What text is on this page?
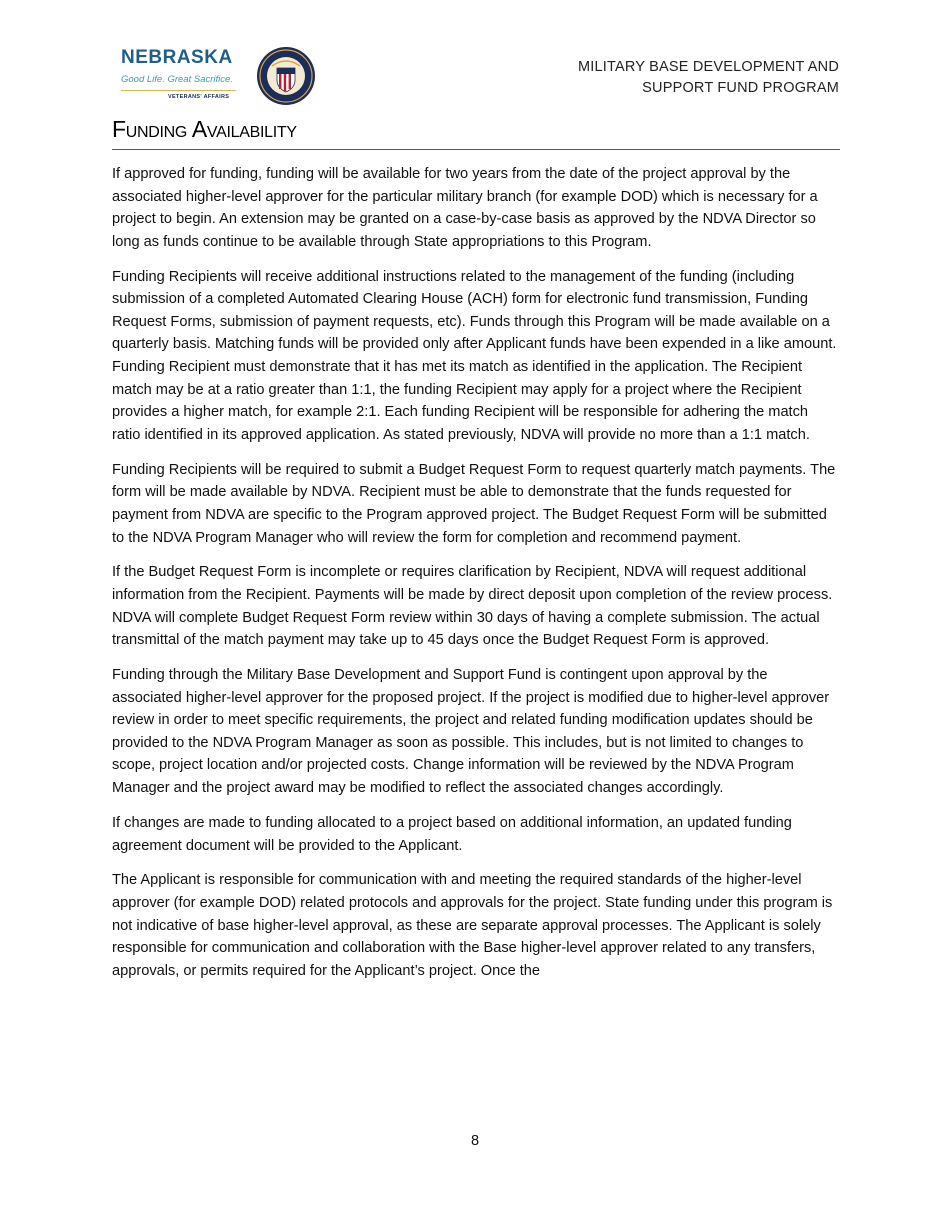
NEBRASKA
Good Life. Great Sacrifice.
VETERANS' AFFAIRS
MILITARY BASE DEVELOPMENT AND
SUPPORT FUND PROGRAM
Funding Availability

If approved for funding, funding will be available for two years from the date of the project approval by the associated higher-level approver for the particular military branch (for example DOD) which is necessary for a project to begin. An extension may be granted on a case-by-case basis as approved by the NDVA Director so long as funds continue to be available through State appropriations to this Program.

Funding Recipients will receive additional instructions related to the management of the funding (including submission of a completed Automated Clearing House (ACH) form for electronic fund transmission, Funding Request Forms, submission of payment requests, etc). Funds through this Program will be made available on a quarterly basis. Matching funds will be provided only after Applicant funds have been expended in a like amount. Funding Recipient must demonstrate that it has met its match as identified in the application. The Recipient match may be at a ratio greater than 1:1, the funding Recipient may apply for a project where the Recipient provides a higher match, for example 2:1. Each funding Recipient will be responsible for adhering the match ratio identified in its approved application. As stated previously, NDVA will provide no more than a 1:1 match.

Funding Recipients will be required to submit a Budget Request Form to request quarterly match payments. The form will be made available by NDVA. Recipient must be able to demonstrate that the funds requested for payment from NDVA are specific to the Program approved project. The Budget Request Form will be submitted to the NDVA Program Manager who will review the form for completion and recommend payment.

If the Budget Request Form is incomplete or requires clarification by Recipient, NDVA will request additional information from the Recipient. Payments will be made by direct deposit upon completion of the review process. NDVA will complete Budget Request Form review within 30 days of having a complete submission. The actual transmittal of the match payment may take up to 45 days once the Budget Request Form is approved.

Funding through the Military Base Development and Support Fund is contingent upon approval by the associated higher-level approver for the proposed project. If the project is modified due to higher-level approver review in order to meet specific requirements, the project and related funding modification updates should be provided to the NDVA Program Manager as soon as possible. This includes, but is not limited to changes to scope, project location and/or projected costs. Change information will be reviewed by the NDVA Program Manager and the project award may be modified to reflect the associated changes accordingly.

If changes are made to funding allocated to a project based on additional information, an updated funding agreement document will be provided to the Applicant.

The Applicant is responsible for communication with and meeting the required standards of the higher-level approver (for example DOD) related protocols and approvals for the project. State funding under this program is not indicative of base higher-level approval, as these are separate approval processes. The Applicant is solely responsible for communication and collaboration with the Base higher-level approver related to any transfers, approvals, or permits required for the Applicant’s project. Once the

8
